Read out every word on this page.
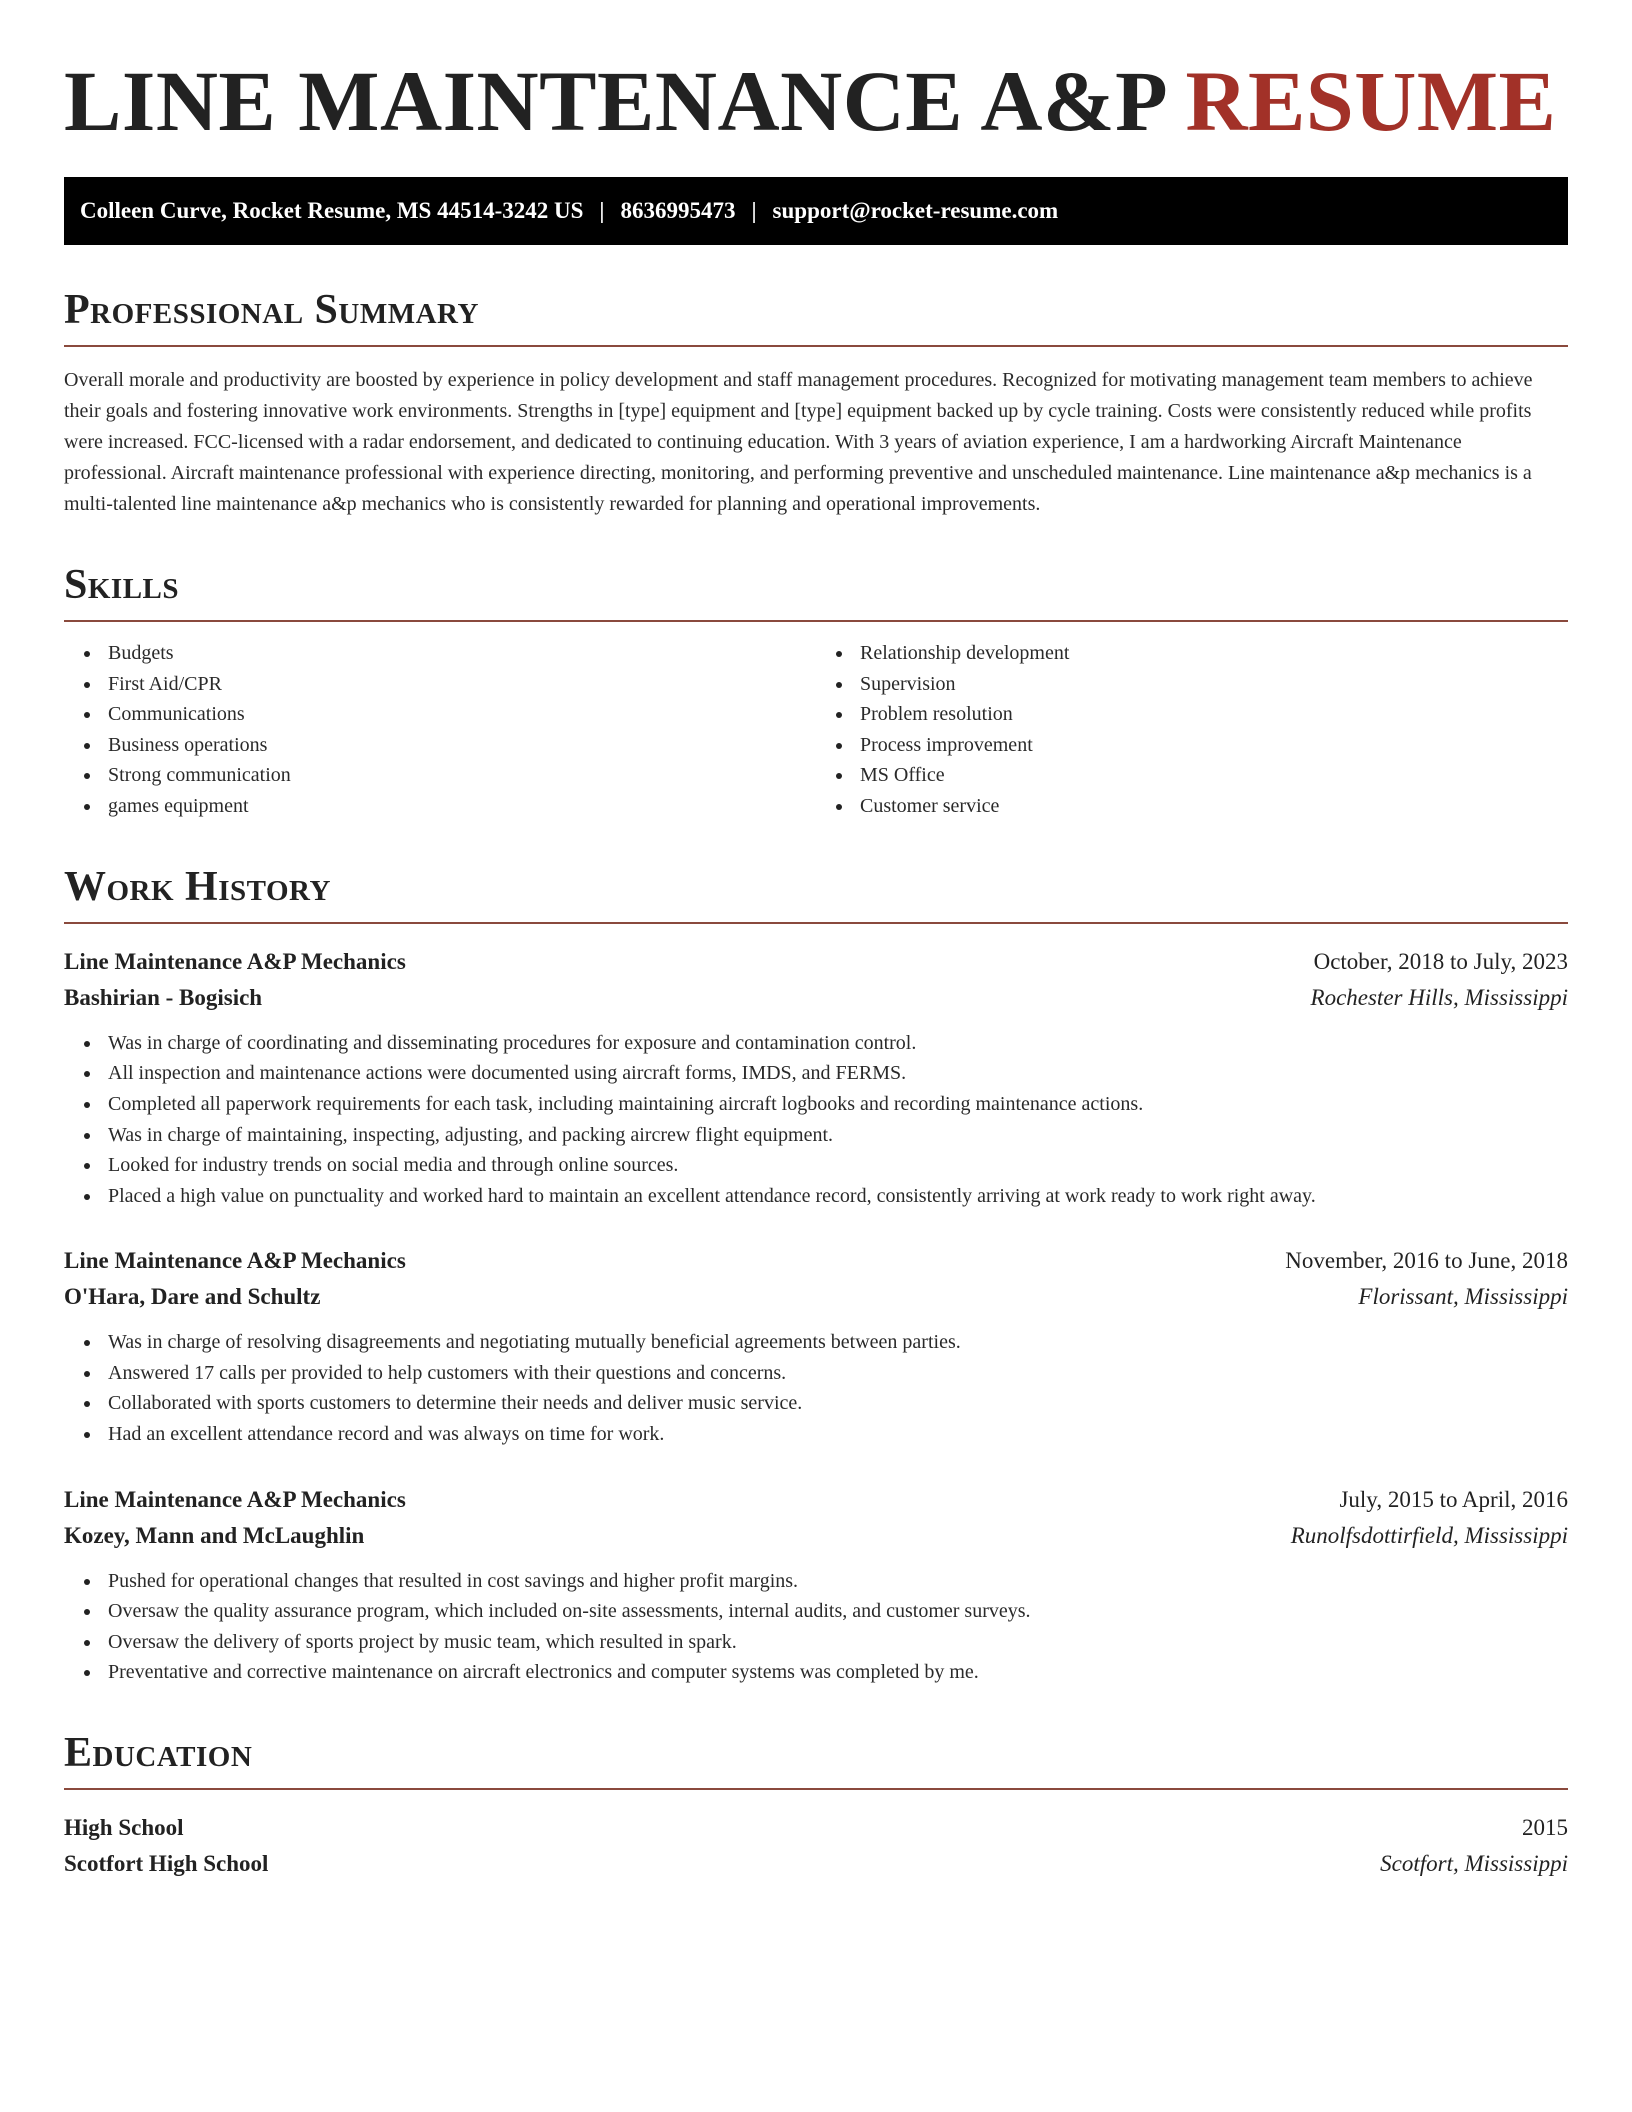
LINE MAINTENANCE A&P RESUME
Colleen Curve, Rocket Resume, MS 44514-3242 US | 8636995473 | support@rocket-resume.com
Professional Summary

Overall morale and productivity are boosted by experience in policy development and staff management procedures. Recognized for motivating management team members to achieve their goals and fostering innovative work environments. Strengths in [type] equipment and [type] equipment backed up by cycle training. Costs were consistently reduced while profits were increased. FCC-licensed with a radar endorsement, and dedicated to continuing education. With 3 years of aviation experience, I am a hardworking Aircraft Maintenance professional. Aircraft maintenance professional with experience directing, monitoring, and performing preventive and unscheduled maintenance. Line maintenance a&p mechanics is a multi-talented line maintenance a&p mechanics who is consistently rewarded for planning and operational improvements.

Skills
Budgets
First Aid/CPR
Communications
Business operations
Strong communication
games equipment
Relationship development
Supervision
Problem resolution
Process improvement
MS Office
Customer service
Work History
Line Maintenance A&P Mechanics	October, 2018 to July, 2023
Bashirian - Bogisich	Rochester Hills, Mississippi
Was in charge of coordinating and disseminating procedures for exposure and contamination control.
All inspection and maintenance actions were documented using aircraft forms, IMDS, and FERMS.
Completed all paperwork requirements for each task, including maintaining aircraft logbooks and recording maintenance actions.
Was in charge of maintaining, inspecting, adjusting, and packing aircrew flight equipment.
Looked for industry trends on social media and through online sources.
Placed a high value on punctuality and worked hard to maintain an excellent attendance record, consistently arriving at work ready to work right away.
Line Maintenance A&P Mechanics	November, 2016 to June, 2018
O'Hara, Dare and Schultz	Florissant, Mississippi
Was in charge of resolving disagreements and negotiating mutually beneficial agreements between parties.
Answered 17 calls per provided to help customers with their questions and concerns.
Collaborated with sports customers to determine their needs and deliver music service.
Had an excellent attendance record and was always on time for work.
Line Maintenance A&P Mechanics	July, 2015 to April, 2016
Kozey, Mann and McLaughlin	Runolfsdottirfield, Mississippi
Pushed for operational changes that resulted in cost savings and higher profit margins.
Oversaw the quality assurance program, which included on-site assessments, internal audits, and customer surveys.
Oversaw the delivery of sports project by music team, which resulted in spark.
Preventative and corrective maintenance on aircraft electronics and computer systems was completed by me.
Education
High School	2015
Scotfort High School	Scotfort, Mississippi
